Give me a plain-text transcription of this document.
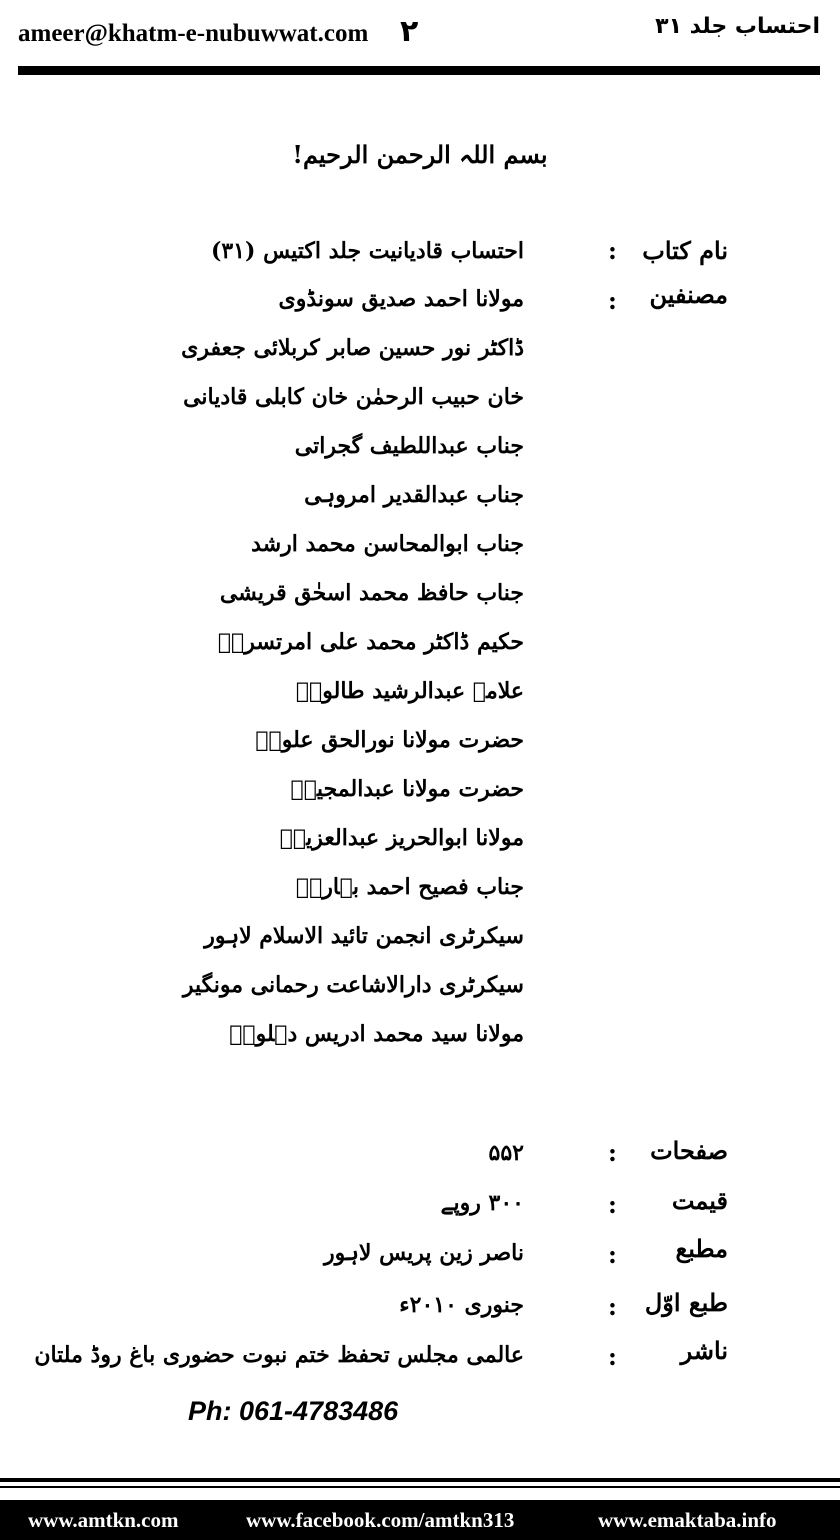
ameer@khatm-e-nubuwwat.com ۲	احتساب جلد ۳۱
بسم اللہ الرحمن الرحیم!
نام کتاب
:
احتساب قادیانیت جلد اکتیس (۳۱)
مصنفین
:
مولانا احمد صدیق سونڈوی
ڈاکٹر نور حسین صابر کربلائی جعفری
خان حبیب الرحمٰن خان کابلی قادیانی
جناب عبداللطیف گجراتی
جناب عبدالقدیر امروہی
جناب ابوالمحاسن محمد ارشد
جناب حافظ محمد اسحٰق قریشی
حکیم ڈاکٹر محمد علی امرتسریؒ
علامہ عبدالرشید طالوتؒ
حضرت مولانا نورالحق علویؒ
حضرت مولانا عبدالمجیدؒ
مولانا ابوالحریز عبدالعزیزؒ
جناب فصیح احمد بہاریؒ
سیکرٹری انجمن تائید الاسلام لاہور
سیکرٹری دارالاشاعت رحمانی مونگیر
مولانا سید محمد ادریس دہلویؒ
صفحات
:
۵۵۲
قیمت
:
۳۰۰ روپے
مطبع
:
ناصر زین پریس لاہور
طبع اوّل
:
جنوری ۲۰۱۰ء
ناشر
:
عالمی مجلس تحفظ ختم نبوت حضوری باغ روڈ ملتان
Ph: 061-4783486
www.amtkn.com	www.facebook.com/amtkn313	www.emaktaba.info
